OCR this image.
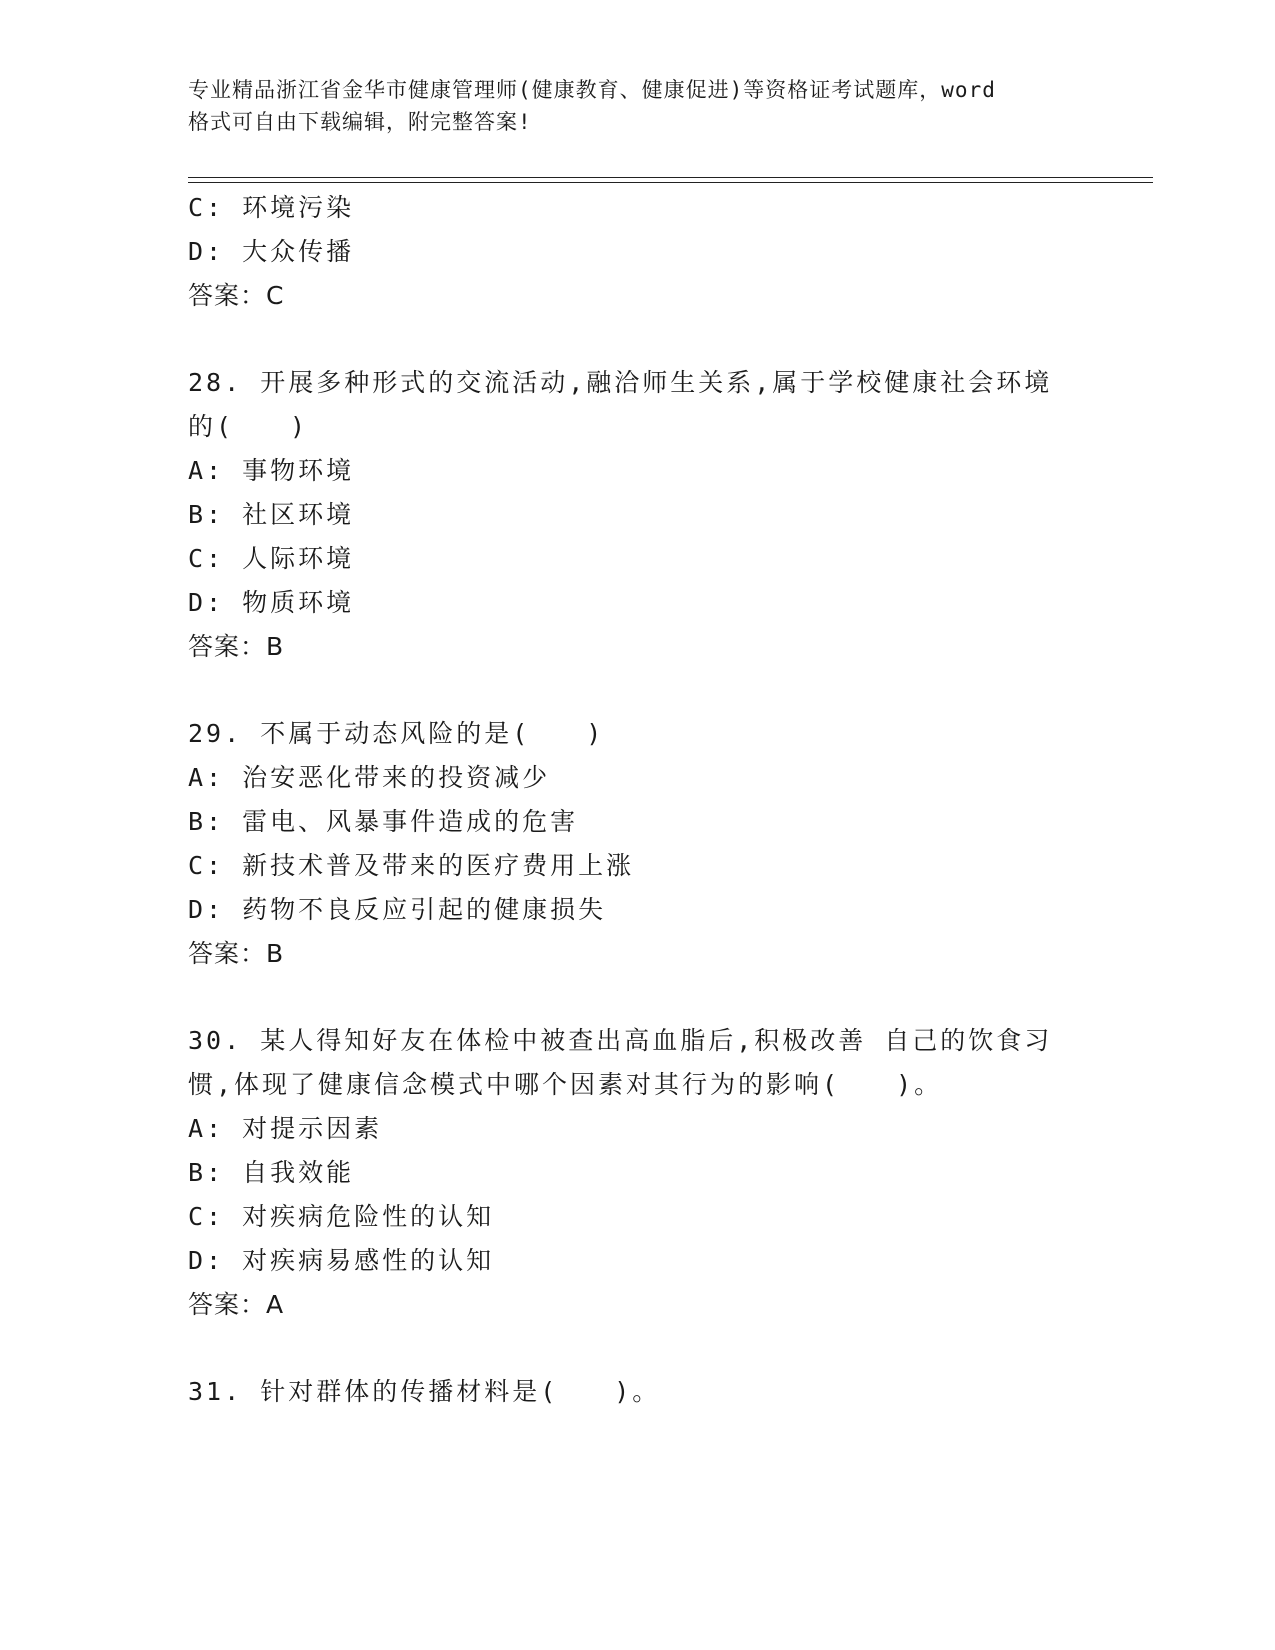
专业精品浙江省金华市健康管理师(健康教育、健康促进)等资格证考试题库，word
格式可自由下载编辑，附完整答案!
C: 环境污染
D: 大众传播
答案：C
28. 开展多种形式的交流活动,融洽师生关系,属于学校健康社会环境
的(　　)
A: 事物环境
B: 社区环境
C: 人际环境
D: 物质环境
答案：B
29. 不属于动态风险的是(　　)
A: 治安恶化带来的投资减少
B: 雷电、风暴事件造成的危害
C: 新技术普及带来的医疗费用上涨
D: 药物不良反应引起的健康损失
答案：B
30. 某人得知好友在体检中被查出高血脂后,积极改善 自己的饮食习
惯,体现了健康信念模式中哪个因素对其行为的影响(　　)。
A: 对提示因素
B: 自我效能
C: 对疾病危险性的认知
D: 对疾病易感性的认知
答案：A
31. 针对群体的传播材料是(　　)。
